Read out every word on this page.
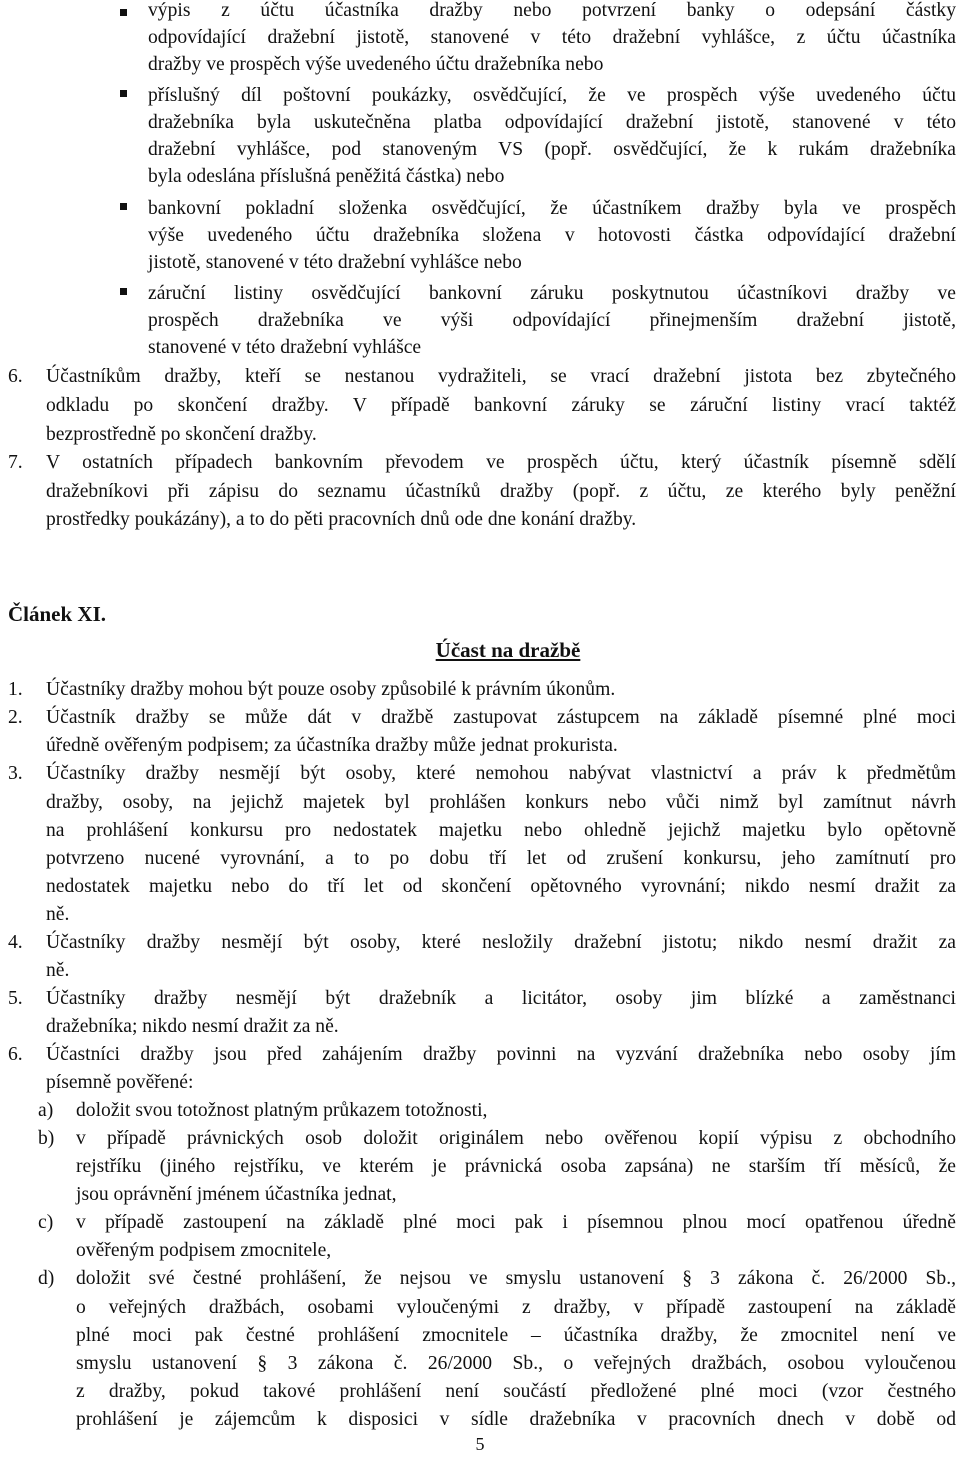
výpis z účtu účastníka dražby nebo potvrzení banky o odepsání částky

odpovídající dražební jistotě, stanovené v této dražební vyhlášce, z účtu účastníka

dražby ve prospěch výše uvedeného účtu dražebníka nebo

příslušný díl poštovní poukázky, osvědčující, že ve prospěch výše uvedeného účtu

dražebníka byla uskutečněna platba odpovídající dražební jistotě, stanovené v této

dražební vyhlášce, pod stanoveným VS (popř. osvědčující, že k rukám dražebníka

byla odeslána příslušná peněžitá částka) nebo

bankovní pokladní složenka osvědčující, že účastníkem dražby byla ve prospěch

výše uvedeného účtu dražebníka složena v hotovosti částka odpovídající dražební

jistotě, stanovené v této dražební vyhlášce nebo

záruční listiny osvědčující bankovní záruku poskytnutou účastníkovi dražby ve

prospěch dražebníka ve výši odpovídající přinejmenším dražební jistotě,

stanovené v této dražební vyhlášce

6. Účastníkům dražby, kteří se nestanou vydražiteli, se vrací dražební jistota bez zbytečného

odkladu po skončení dražby. V případě bankovní záruky se záruční listiny vrací taktéž

bezprostředně po skončení dražby.

7. V ostatních případech bankovním převodem ve prospěch účtu, který účastník písemně sdělí

dražebníkovi při zápisu do seznamu účastníků dražby (popř. z účtu, ze kterého byly peněžní

prostředky poukázány), a to do pěti pracovních dnů ode dne konání dražby.

Článek XI.
Účast na dražbě
1. Účastníky dražby mohou být pouze osoby způsobilé k právním úkonům.

2. Účastník dražby se může dát v dražbě zastupovat zástupcem na základě písemné plné moci

úředně ověřeným podpisem; za účastníka dražby může jednat prokurista.

3. Účastníky dražby nesmějí být osoby, které nemohou nabývat vlastnictví a práv k předmětům

dražby, osoby, na jejichž majetek byl prohlášen konkurs nebo vůči nimž byl zamítnut návrh

na prohlášení konkursu pro nedostatek majetku nebo ohledně jejichž majetku bylo opětovně

potvrzeno nucené vyrovnání, a to po dobu tří let od zrušení konkursu, jeho zamítnutí pro

nedostatek majetku nebo do tří let od skončení opětovného vyrovnání; nikdo nesmí dražit za

ně.

4. Účastníky dražby nesmějí být osoby, které nesložily dražební jistotu; nikdo nesmí dražit za

ně.

5. Účastníky dražby nesmějí být dražebník a licitátor, osoby jim blízké a zaměstnanci

dražebníka; nikdo nesmí dražit za ně.

6. Účastníci dražby jsou před zahájením dražby povinni na vyzvání dražebníka nebo osoby jím

písemně pověřené:

a) doložit svou totožnost platným průkazem totožnosti,

b) v případě právnických osob doložit originálem nebo ověřenou kopií výpisu z obchodního

rejstříku (jiného rejstříku, ve kterém je právnická osoba zapsána) ne starším tří měsíců, že

jsou oprávnění jménem účastníka jednat,

c) v případě zastoupení na základě plné moci pak i písemnou plnou mocí opatřenou úředně

ověřeným podpisem zmocnitele,

d) doložit své čestné prohlášení, že nejsou ve smyslu ustanovení § 3 zákona č. 26/2000 Sb.,

o veřejných dražbách, osobami vyloučenými z dražby, v případě zastoupení na základě

plné moci pak čestné prohlášení zmocnitele – účastníka dražby, že zmocnitel není ve

smyslu ustanovení § 3 zákona č. 26/2000 Sb., o veřejných dražbách, osobou vyloučenou

z dražby, pokud takové prohlášení není součástí předložené plné moci (vzor čestného

prohlášení je zájemcům k disposici v sídle dražebníka v pracovních dnech v době od

5
